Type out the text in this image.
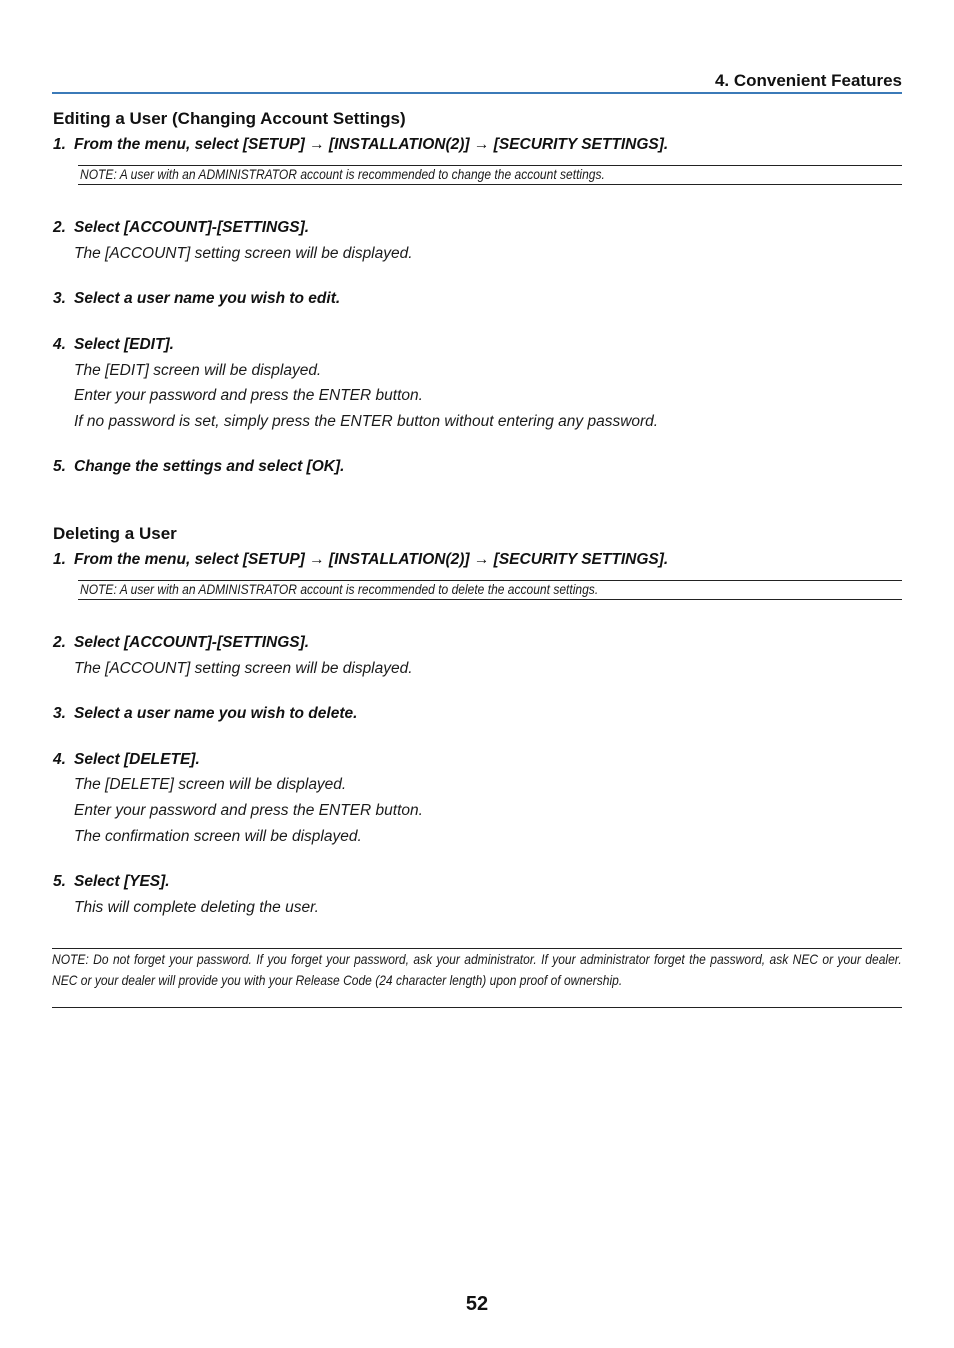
4. Convenient Features
Editing a User (Changing Account Settings)
1. From the menu, select [SETUP] → [INSTALLATION(2)] → [SECURITY SETTINGS].
NOTE: A user with an ADMINISTRATOR account is recommended to change the account settings.
2. Select [ACCOUNT]-[SETTINGS].
The [ACCOUNT] setting screen will be displayed.
3. Select a user name you wish to edit.
4. Select [EDIT].
The [EDIT] screen will be displayed.
Enter your password and press the ENTER button.
If no password is set, simply press the ENTER button without entering any password.
5. Change the settings and select [OK].
Deleting a User
1. From the menu, select [SETUP] → [INSTALLATION(2)] → [SECURITY SETTINGS].
NOTE: A user with an ADMINISTRATOR account is recommended to delete the account settings.
2. Select [ACCOUNT]-[SETTINGS].
The [ACCOUNT] setting screen will be displayed.
3. Select a user name you wish to delete.
4. Select [DELETE].
The [DELETE] screen will be displayed.
Enter your password and press the ENTER button.
The confirmation screen will be displayed.
5. Select [YES].
This will complete deleting the user.
NOTE: Do not forget your password. If you forget your password, ask your administrator. If your administrator forget the password, ask NEC or your dealer. NEC or your dealer will provide you with your Release Code (24 character length) upon proof of ownership.
52
